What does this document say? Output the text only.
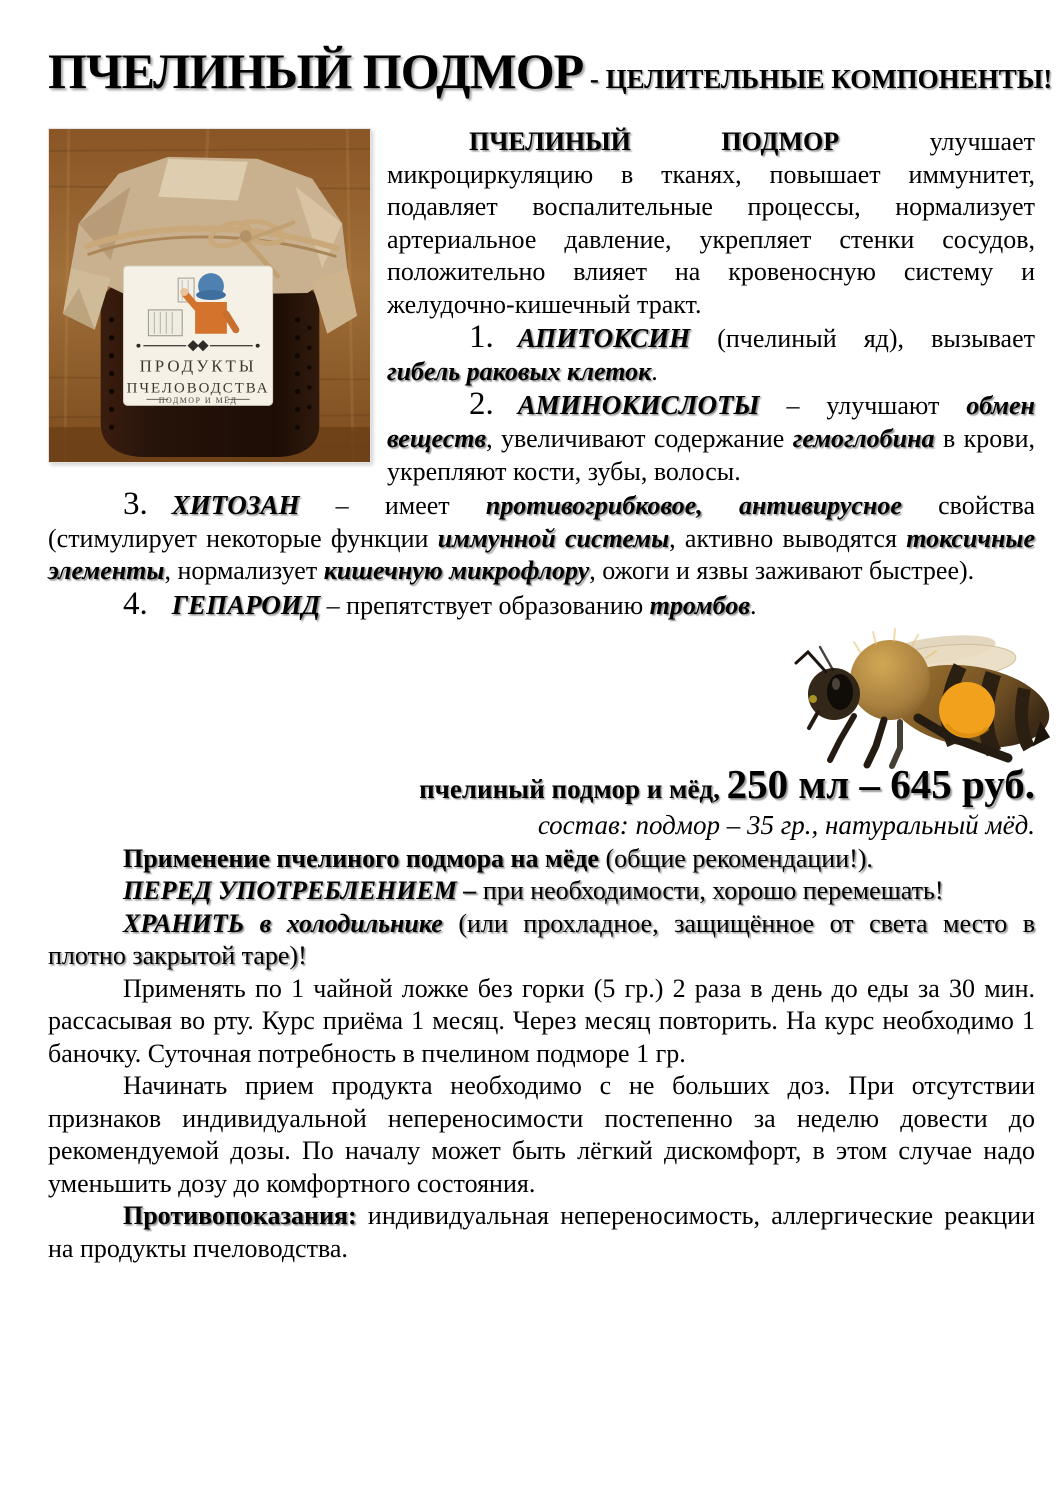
ПЧЕЛИНЫЙ ПОДМОР - ЦЕЛИТЕЛЬНЫЕ КОМПОНЕНТЫ!
ПРОДУКТЫ
ПЧЕЛОВОДСТВА
ПОДМОР И МЁД

ПЧЕЛИНЫЙ ПОДМОР улучшает микроциркуляцию в тканях, повышает иммунитет, подавляет воспалительные процессы, нормализует артериальное давление, укрепляет стенки сосудов, положительно влияет на кровеносную систему и желудочно-кишечный тракт.

1. АПИТОКСИН (пчелиный яд), вызывает гибель раковых клеток.

2. АМИНОКИСЛОТЫ – улучшают обмен веществ, увеличивают содержание гемоглобина в крови, укрепляют кости, зубы, волосы.

3. ХИТОЗАН – имеет противогрибковое, антивирусное свойства (стимулирует некоторые функции иммунной системы, активно выводятся токсичные элементы, нормализует кишечную микрофлору, ожоги и язвы заживают быстрее).

4. ГЕПАРОИД – препятствует образованию тромбов.

пчелиный подмор и мёд, 250 мл – 645 руб.

состав: подмор – 35 гр., натуральный мёд.

Применение пчелиного подмора на мёде (общие рекомендации!).

ПЕРЕД УПОТРЕБЛЕНИЕМ – при необходимости, хорошо перемешать!

ХРАНИТЬ в холодильнике (или прохладное, защищённое от света место в плотно закрытой таре)!

Применять по 1 чайной ложке без горки (5 гр.) 2 раза в день до еды за 30 мин. рассасывая во рту. Курс приёма 1 месяц. Через месяц повторить. На курс необходимо 1 баночку. Суточная потребность в пчелином подморе 1 гр.

Начинать прием продукта необходимо с не больших доз. При отсутствии признаков индивидуальной непереносимости постепенно за неделю довести до рекомендуемой дозы. По началу может быть лёгкий дискомфорт, в этом случае надо уменьшить дозу до комфортного состояния.

Противопоказания: индивидуальная непереносимость, аллергические реакции на продукты пчеловодства.
